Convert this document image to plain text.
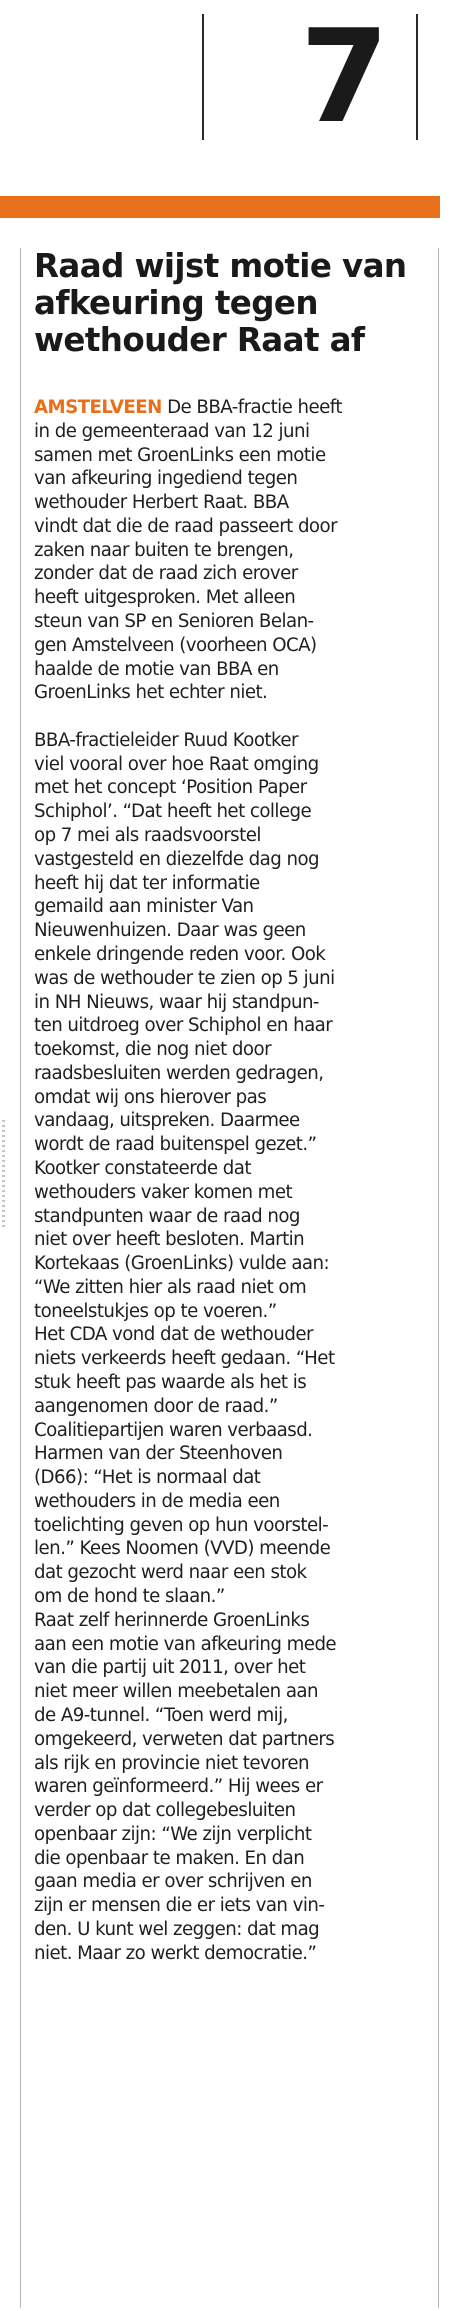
7
Raad wijst motie van
afkeuring tegen
wethouder Raat af
AMSTELVEEN De BBA-fractie heeft
in de gemeenteraad van 12 juni
samen met GroenLinks een motie
van afkeuring ingediend tegen
wethouder Herbert Raat. BBA
vindt dat die de raad passeert door
zaken naar buiten te brengen,
zonder dat de raad zich erover
heeft uitgesproken. Met alleen
steun van SP en Senioren Belan-
gen Amstelveen (voorheen OCA)
haalde de motie van BBA en
GroenLinks het echter niet.
BBA-fractieleider Ruud Kootker
viel vooral over hoe Raat omging
met het concept ‘Position Paper
Schiphol’. “Dat heeft het college
op 7 mei als raadsvoorstel
vastgesteld en diezelfde dag nog
heeft hij dat ter informatie
gemaild aan minister Van
Nieuwenhuizen. Daar was geen
enkele dringende reden voor. Ook
was de wethouder te zien op 5 juni
in NH Nieuws, waar hij standpun-
ten uitdroeg over Schiphol en haar
toekomst, die nog niet door
raadsbesluiten werden gedragen,
omdat wij ons hierover pas
vandaag, uitspreken. Daarmee
wordt de raad buitenspel gezet.”
Kootker constateerde dat
wethouders vaker komen met
standpunten waar de raad nog
niet over heeft besloten. Martin
Kortekaas (GroenLinks) vulde aan:
“We zitten hier als raad niet om
toneelstukjes op te voeren.”
Het CDA vond dat de wethouder
niets verkeerds heeft gedaan. “Het
stuk heeft pas waarde als het is
aangenomen door de raad.”
Coalitiepartijen waren verbaasd.
Harmen van der Steenhoven
(D66): “Het is normaal dat
wethouders in de media een
toelichting geven op hun voorstel-
len.” Kees Noomen (VVD) meende
dat gezocht werd naar een stok
om de hond te slaan.”
Raat zelf herinnerde GroenLinks
aan een motie van afkeuring mede
van die partij uit 2011, over het
niet meer willen meebetalen aan
de A9-tunnel. “Toen werd mij,
omgekeerd, verweten dat partners
als rijk en provincie niet tevoren
waren geïnformeerd.” Hij wees er
verder op dat collegebesluiten
openbaar zijn: “We zijn verplicht
die openbaar te maken. En dan
gaan media er over schrijven en
zijn er mensen die er iets van vin-
den. U kunt wel zeggen: dat mag
niet. Maar zo werkt democratie.”
